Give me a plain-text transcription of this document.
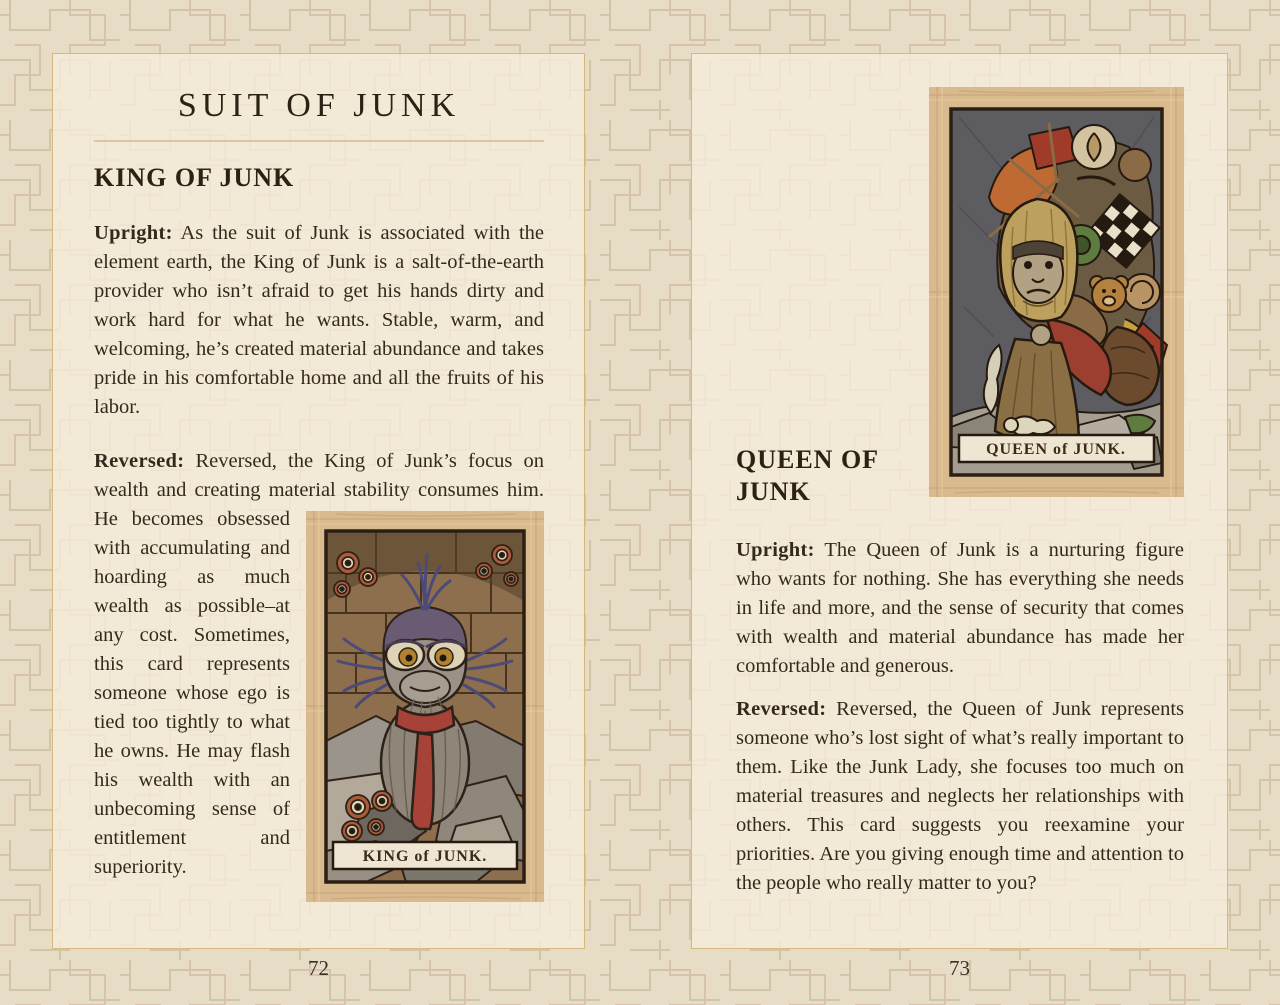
SUIT OF JUNK
KING OF JUNK

Upright: As the suit of Junk is associated with the element earth, the King of Junk is a salt-of-the-earth provider who isn’t afraid to get his hands dirty and work hard for what he wants. Stable, warm, and welcoming, he’s created material abundance and takes pride in his comfortable home and all the fruits of his labor.

KING of JUNK.
Reversed: Reversed, the King of Junk’s focus on wealth and creating material stability consumes him. He becomes obsessed with accumulating and hoarding as much wealth as possible–at any cost. Sometimes, this card represents someone whose ego is tied too tightly to what he owns. He may flash his wealth with an unbecoming sense of entitlement and superiority.

QUEEN of JUNK.
QUEEN OF JUNK

Upright: The Queen of Junk is a nurturing figure who wants for nothing. She has everything she needs in life and more, and the sense of security that comes with wealth and material abundance has made her comfortable and generous.

Reversed: Reversed, the Queen of Junk represents someone who’s lost sight of what’s really important to them. Like the Junk Lady, she focuses too much on material treasures and neglects her relationships with others. This card suggests you reexamine your priorities. Are you giving enough time and attention to the people who really matter to you?

72	73
